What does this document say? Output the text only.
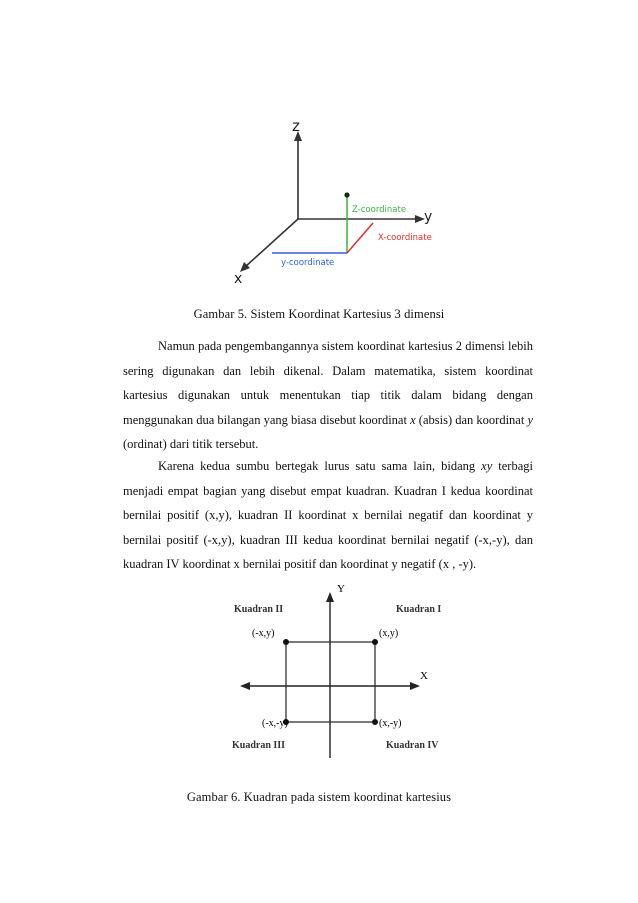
z
y
x
Z-coordinate
X-coordinate
y-coordinate
Gambar 5. Sistem Koordinat Kartesius 3 dimensi

Namun pada pengembangannya sistem koordinat kartesius 2 dimensi lebih sering digunakan dan lebih dikenal. Dalam matematika, sistem koordinat kartesius digunakan untuk menentukan tiap titik dalam bidang dengan menggunakan dua bilangan yang biasa disebut koordinat x (absis) dan koordinat y (ordinat) dari titik tersebut.

Karena kedua sumbu bertegak lurus satu sama lain, bidang xy terbagi menjadi empat bagian yang disebut empat kuadran. Kuadran I kedua koordinat bernilai positif (x,y), kuadran II koordinat x bernilai negatif dan koordinat y bernilai positif (-x,y), kuadran III kedua koordinat bernilai negatif (-x,-y), dan kuadran IV koordinat x bernilai positif dan koordinat y negatif (x , -y).

Y
X
Kuadran II	Kuadran I
Kuadran III	Kuadran IV
(-x,y)	(x,y)
(-x,-y)	(x,-y)
Gambar 6. Kuadran pada sistem koordinat kartesius
